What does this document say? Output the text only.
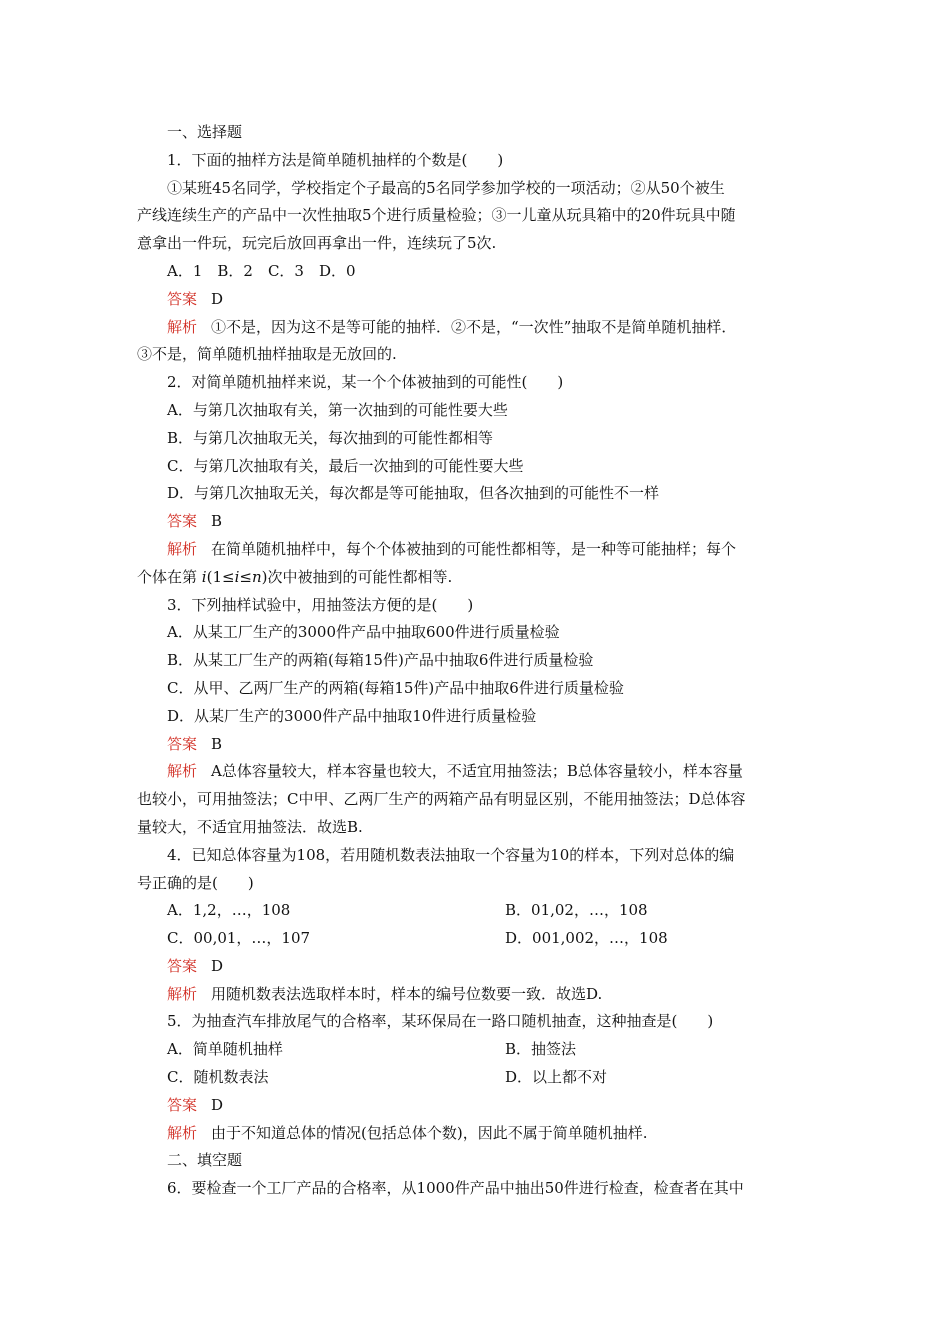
一、选择题
1．下面的抽样方法是简单随机抽样的个数是(　　)
①某班45名同学，学校指定个子最高的5名同学参加学校的一项活动；②从50个被生
产线连续生产的产品中一次性抽取5个进行质量检验；③一儿童从玩具箱中的20件玩具中随
意拿出一件玩，玩完后放回再拿出一件，连续玩了5次.
A．1　B．2　C．3　D．0
答案 D
解析 ①不是，因为这不是等可能的抽样．②不是，“一次性”抽取不是简单随机抽样．
③不是，简单随机抽样抽取是无放回的.
2．对简单随机抽样来说，某一个个体被抽到的可能性(　　)
A．与第几次抽取有关，第一次抽到的可能性要大些
B．与第几次抽取无关，每次抽到的可能性都相等
C．与第几次抽取有关，最后一次抽到的可能性要大些
D．与第几次抽取无关，每次都是等可能抽取，但各次抽到的可能性不一样
答案 B
解析 在简单随机抽样中，每个个体被抽到的可能性都相等，是一种等可能抽样；每个
个体在第 i(1≤i≤n)次中被抽到的可能性都相等.
3．下列抽样试验中，用抽签法方便的是(　　)
A．从某工厂生产的3000件产品中抽取600件进行质量检验
B．从某工厂生产的两箱(每箱15件)产品中抽取6件进行质量检验
C．从甲、乙两厂生产的两箱(每箱15件)产品中抽取6件进行质量检验
D．从某厂生产的3000件产品中抽取10件进行质量检验
答案 B
解析 A总体容量较大，样本容量也较大，不适宜用抽签法；B总体容量较小，样本容量
也较小，可用抽签法；C中甲、乙两厂生产的两箱产品有明显区别，不能用抽签法；D总体容
量较大，不适宜用抽签法．故选B.
4．已知总体容量为108，若用随机数表法抽取一个容量为10的样本，下列对总体的编
号正确的是(　　)
A．1,2，…，108	B．01,02，…，108
C．00,01，…，107	D．001,002，…，108
答案 D
解析 用随机数表法选取样本时，样本的编号位数要一致．故选D.
5．为抽查汽车排放尾气的合格率，某环保局在一路口随机抽查，这种抽查是(　　)
A．简单随机抽样	B．抽签法
C．随机数表法	D．以上都不对
答案 D
解析 由于不知道总体的情况(包括总体个数)，因此不属于简单随机抽样.
二、填空题
6．要检查一个工厂产品的合格率，从1000件产品中抽出50件进行检查，检查者在其中
